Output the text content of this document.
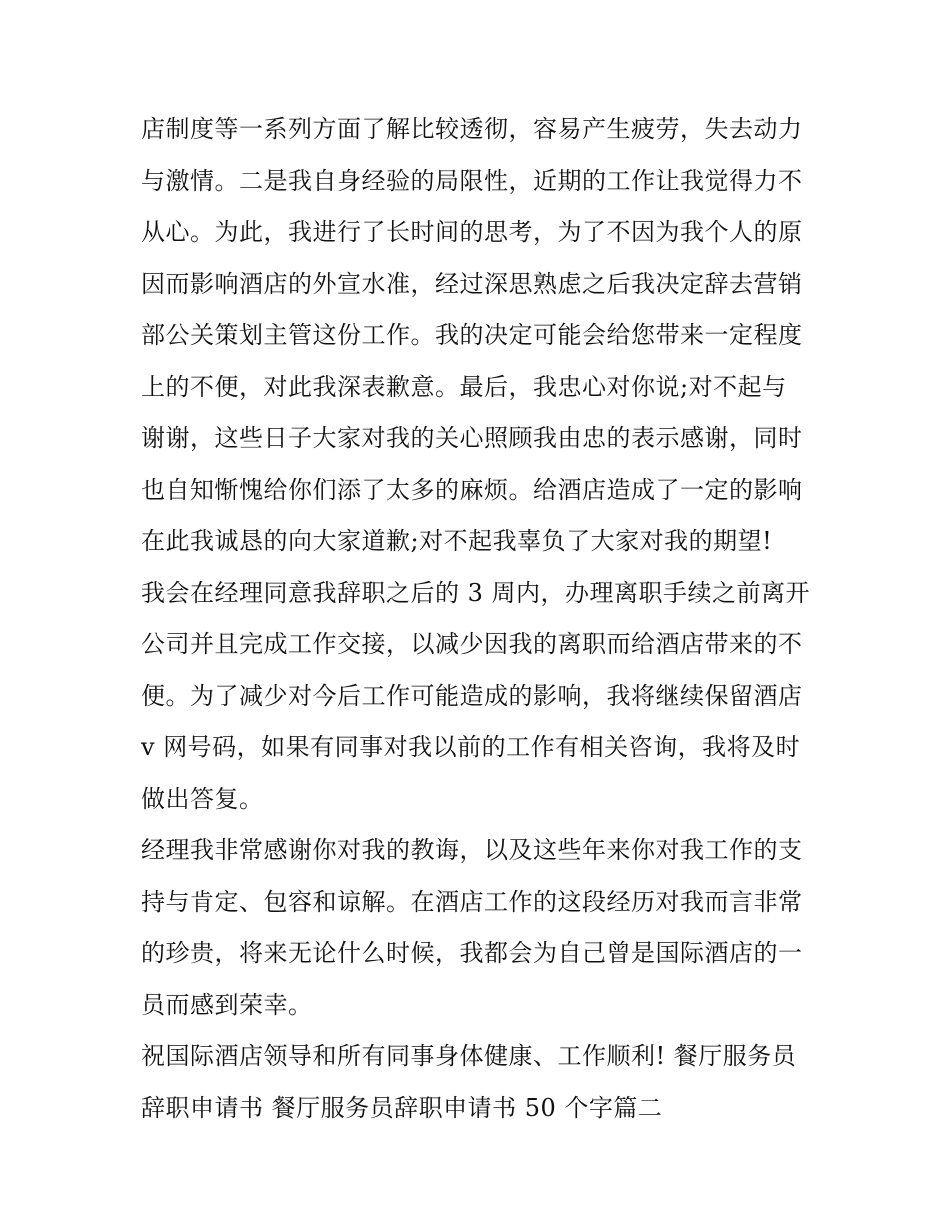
店制度等一系列方面了解比较透彻，容易产生疲劳，失去动力
与激情。二是我自身经验的局限性，近期的工作让我觉得力不
从心。为此，我进行了长时间的思考，为了不因为我个人的原
因而影响酒店的外宣水准，经过深思熟虑之后我决定辞去营销
部公关策划主管这份工作。我的决定可能会给您带来一定程度
上的不便，对此我深表歉意。最后，我忠心对你说;对不起与
谢谢，这些日子大家对我的关心照顾我由忠的表示感谢，同时
也自知惭愧给你们添了太多的麻烦。给酒店造成了一定的影响
在此我诚恳的向大家道歉;对不起我辜负了大家对我的期望!
我会在经理同意我辞职之后的 3 周内，办理离职手续之前离开
公司并且完成工作交接，以减少因我的离职而给酒店带来的不
便。为了减少对今后工作可能造成的影响，我将继续保留酒店
v 网号码，如果有同事对我以前的工作有相关咨询，我将及时
做出答复。
经理我非常感谢你对我的教诲，以及这些年来你对我工作的支
持与肯定、包容和谅解。在酒店工作的这段经历对我而言非常
的珍贵，将来无论什么时候，我都会为自己曾是国际酒店的一
员而感到荣幸。
祝国际酒店领导和所有同事身体健康、工作顺利! 餐厅服务员
辞职申请书 餐厅服务员辞职申请书 50 个字篇二
